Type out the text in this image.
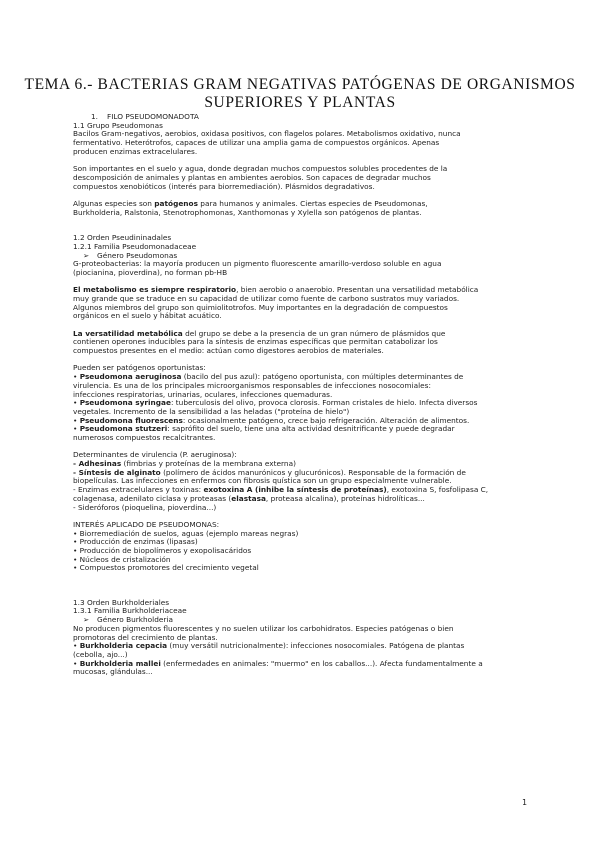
TEMA 6.- BACTERIAS GRAM NEGATIVAS PATÓGENAS DE ORGANISMOS SUPERIORES Y PLANTAS

1. FILO PSEUDOMONADOTA

1.1 Grupo Pseudomonas

Bacilos Gram-negativos, aerobios, oxidasa positivos, con flagelos polares. Metabolismos oxidativo, nunca

fermentativo. Heterótrofos, capaces de utilizar una amplia gama de compuestos orgánicos. Apenas

producen enzimas extracelulares.

Son importantes en el suelo y agua, donde degradan muchos compuestos solubles procedentes de la

descomposición de animales y plantas en ambientes aerobios. Son capaces de degradar muchos

compuestos xenobióticos (interés para biorremediación). Plásmidos degradativos.

Algunas especies son patógenos para humanos y animales. Ciertas especies de Pseudomonas,

Burkholderia, Ralstonia, Stenotrophomonas, Xanthomonas y Xylella son patógenos de plantas.

1.2 Orden Pseudininadales

1.2.1 Familia Pseudomonadaceae

➢ Género Pseudomonas

G-proteobacterias: la mayoría producen un pigmento fluorescente amarillo-verdoso soluble en agua

(piocianina, pioverdina), no forman pb-HB

El metabolismo es siempre respiratorio, bien aerobio o anaerobio. Presentan una versatilidad metabólica

muy grande que se traduce en su capacidad de utilizar como fuente de carbono sustratos muy variados.

Algunos miembros del grupo son quimiolitotrofos. Muy importantes en la degradación de compuestos

orgánicos en el suelo y hábitat acuático.

La versatilidad metabólica del grupo se debe a la presencia de un gran número de plásmidos que

contienen operones inducibles para la síntesis de enzimas específicas que permitan catabolizar los

compuestos presentes en el medio: actúan como digestores aerobios de materiales.

Pueden ser patógenos oportunistas:

• Pseudomona aeruginosa (bacilo del pus azul): patógeno oportunista, con múltiples determinantes de

virulencia. Es una de los principales microorganismos responsables de infecciones nosocomiales:

infecciones respiratorias, urinarias, oculares, infecciones quemaduras.

• Pseudomona syringae: tuberculosis del olivo, provoca clorosis. Forman cristales de hielo. Infecta diversos

vegetales. Incremento de la sensibilidad a las heladas ("proteína de hielo")

• Pseudomona fluorescens: ocasionalmente patógeno, crece bajo refrigeración. Alteración de alimentos.

• Pseudomona stutzeri: saprófito del suelo, tiene una alta actividad desnitrificante y puede degradar

numerosos compuestos recalcitrantes.

Determinantes de virulencia (P. aeruginosa):

- Adhesinas (fimbrias y proteínas de la membrana externa)

- Síntesis de alginato (polímero de ácidos manurónicos y glucurónicos). Responsable de la formación de

biopelículas. Las infecciones en enfermos con fibrosis quística son un grupo especialmente vulnerable.

- Enzimas extracelulares y toxinas: exotoxina A (inhibe la síntesis de proteínas), exotoxina S, fosfolipasa C,

colagenasa, adenilato ciclasa y proteasas (elastasa, proteasa alcalina), proteínas hidrolíticas...

- Sideróforos (pioquelina, pioverdina...)

INTERÉS APLICADO DE PSEUDOMONAS:

• Biorremediación de suelos, aguas (ejemplo mareas negras)

• Producción de enzimas (lipasas)

• Producción de biopolímeros y exopolisacáridos

• Núcleos de cristalización

• Compuestos promotores del crecimiento vegetal

1.3 Orden Burkholderiales

1.3.1 Familia Burkholderiaceae

➢ Género Burkholderia

No producen pigmentos fluorescentes y no suelen utilizar los carbohidratos. Especies patógenas o bien

promotoras del crecimiento de plantas.

• Burkholderia cepacia (muy versátil nutricionalmente): infecciones nosocomiales. Patógena de plantas

(cebolla, ajo...)

• Burkholderia mallei (enfermedades en animales: "muermo" en los caballos...). Afecta fundamentalmente a

mucosas, glándulas...

1
